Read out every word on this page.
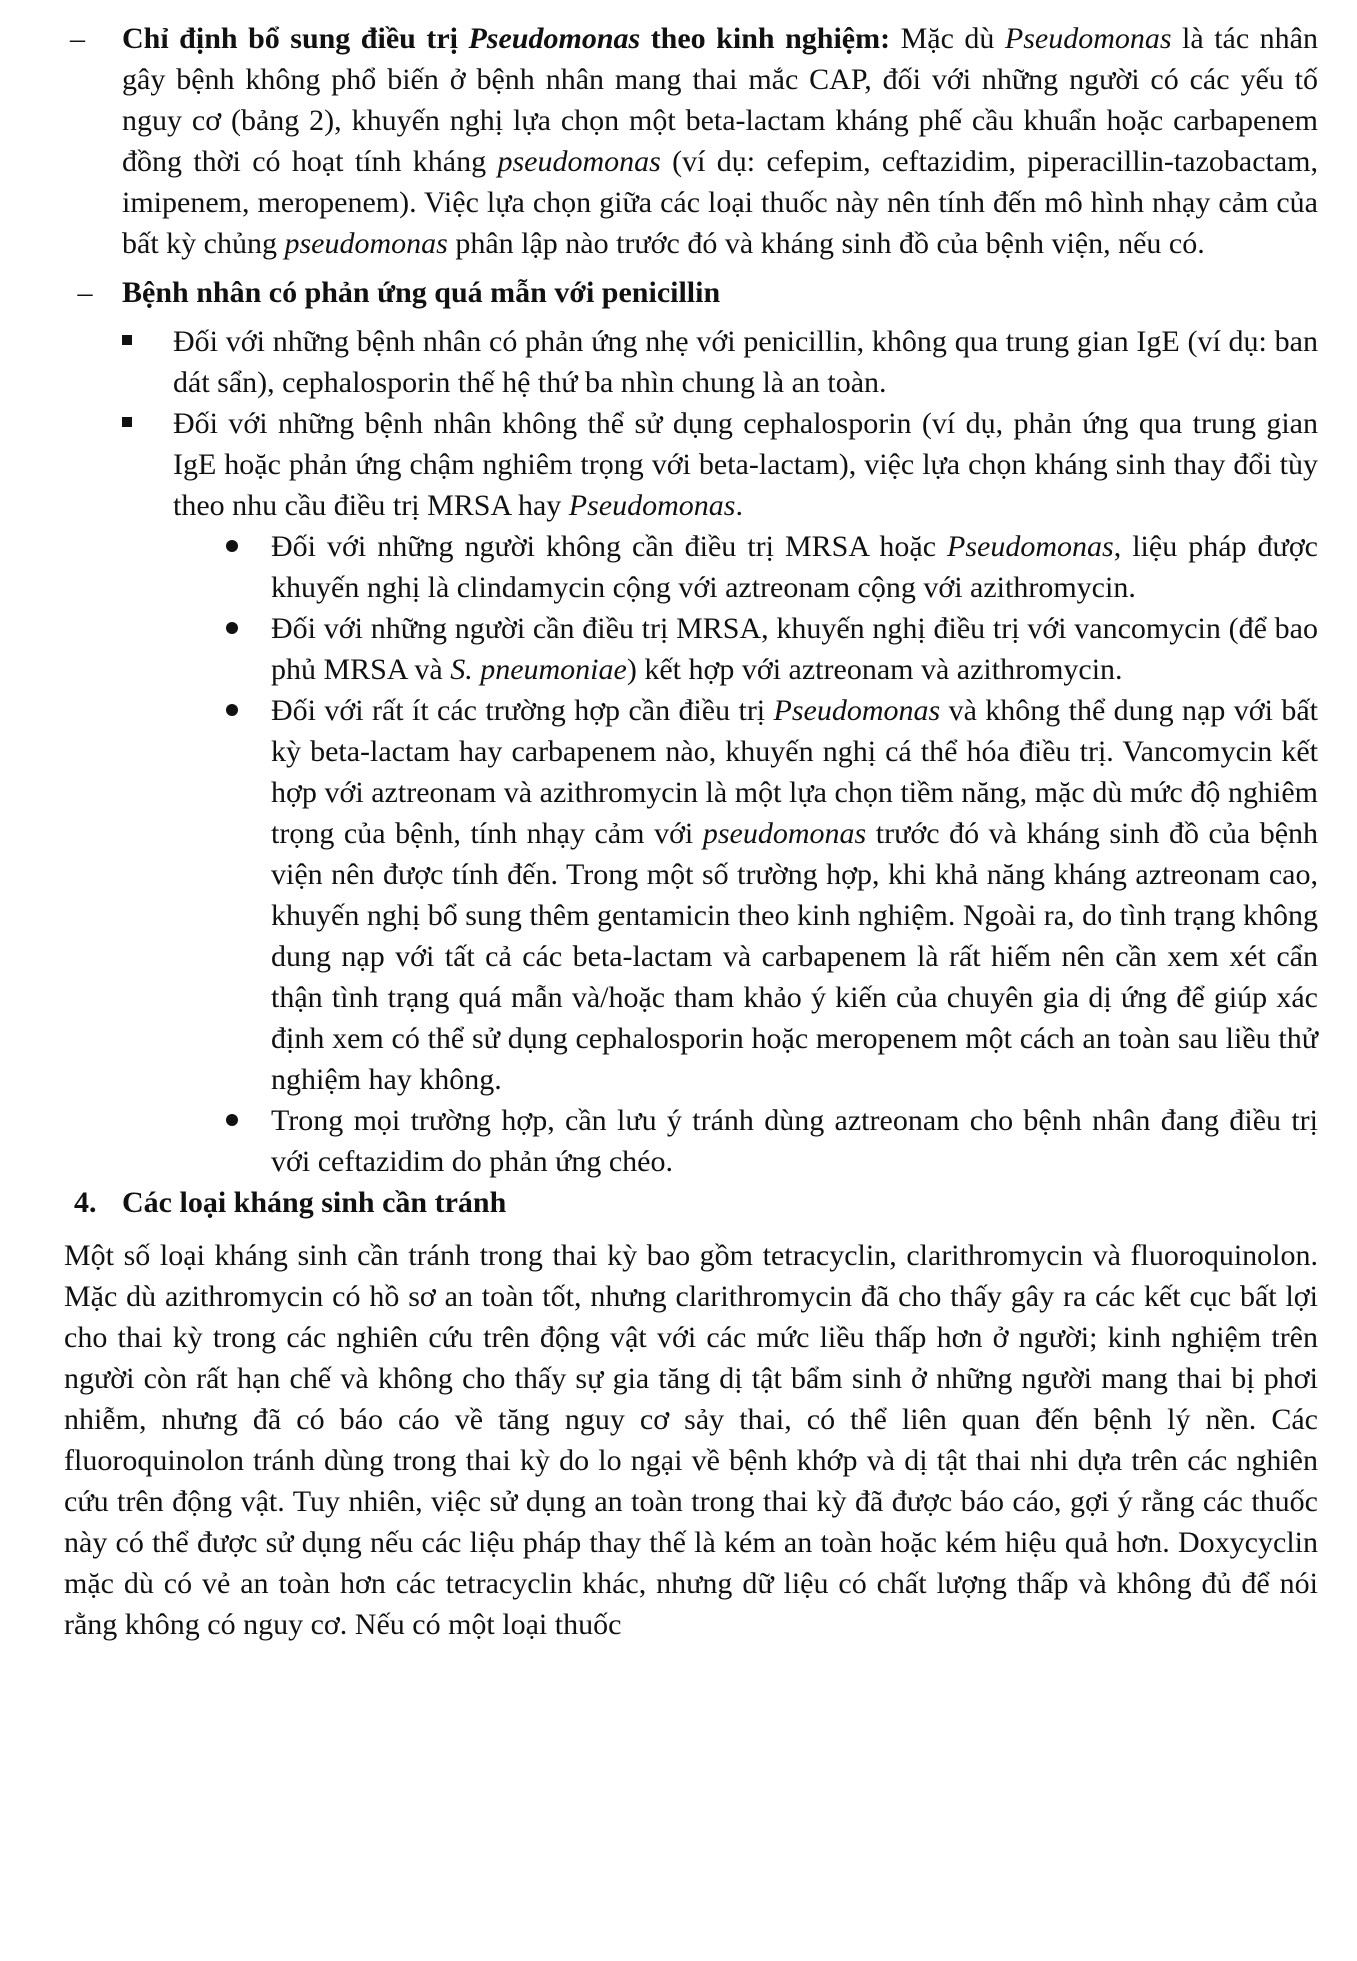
–	Chỉ định bổ sung điều trị Pseudomonas theo kinh nghiệm: Mặc dù Pseudomonas là tác nhân gây bệnh không phổ biến ở bệnh nhân mang thai mắc CAP, đối với những người có các yếu tố nguy cơ (bảng 2), khuyến nghị lựa chọn một beta-lactam kháng phế cầu khuẩn hoặc carbapenem đồng thời có hoạt tính kháng pseudomonas (ví dụ: cefepim, ceftazidim, piperacillin-tazobactam, imipenem, meropenem). Việc lựa chọn giữa các loại thuốc này nên tính đến mô hình nhạy cảm của bất kỳ chủng pseudomonas phân lập nào trước đó và kháng sinh đồ của bệnh viện, nếu có.
– Bệnh nhân có phản ứng quá mẫn với penicillin
Đối với những bệnh nhân có phản ứng nhẹ với penicillin, không qua trung gian IgE (ví dụ: ban dát sẩn), cephalosporin thế hệ thứ ba nhìn chung là an toàn.
Đối với những bệnh nhân không thể sử dụng cephalosporin (ví dụ, phản ứng qua trung gian IgE hoặc phản ứng chậm nghiêm trọng với beta-lactam), việc lựa chọn kháng sinh thay đổi tùy theo nhu cầu điều trị MRSA hay Pseudomonas.
Đối với những người không cần điều trị MRSA hoặc Pseudomonas, liệu pháp được khuyến nghị là clindamycin cộng với aztreonam cộng với azithromycin.
Đối với những người cần điều trị MRSA, khuyến nghị điều trị với vancomycin (để bao phủ MRSA và S. pneumoniae) kết hợp với aztreonam và azithromycin.
Đối với rất ít các trường hợp cần điều trị Pseudomonas và không thể dung nạp với bất kỳ beta-lactam hay carbapenem nào, khuyến nghị cá thể hóa điều trị. Vancomycin kết hợp với aztreonam và azithromycin là một lựa chọn tiềm năng, mặc dù mức độ nghiêm trọng của bệnh, tính nhạy cảm với pseudomonas trước đó và kháng sinh đồ của bệnh viện nên được tính đến. Trong một số trường hợp, khi khả năng kháng aztreonam cao, khuyến nghị bổ sung thêm gentamicin theo kinh nghiệm. Ngoài ra, do tình trạng không dung nạp với tất cả các beta-lactam và carbapenem là rất hiếm nên cần xem xét cẩn thận tình trạng quá mẫn và/hoặc tham khảo ý kiến của chuyên gia dị ứng để giúp xác định xem có thể sử dụng cephalosporin hoặc meropenem một cách an toàn sau liều thử nghiệm hay không.
Trong mọi trường hợp, cần lưu ý tránh dùng aztreonam cho bệnh nhân đang điều trị với ceftazidim do phản ứng chéo.
4. Các loại kháng sinh cần tránh
Một số loại kháng sinh cần tránh trong thai kỳ bao gồm tetracyclin, clarithromycin và fluoroquinolon. Mặc dù azithromycin có hồ sơ an toàn tốt, nhưng clarithromycin đã cho thấy gây ra các kết cục bất lợi cho thai kỳ trong các nghiên cứu trên động vật với các mức liều thấp hơn ở người; kinh nghiệm trên người còn rất hạn chế và không cho thấy sự gia tăng dị tật bẩm sinh ở những người mang thai bị phơi nhiễm, nhưng đã có báo cáo về tăng nguy cơ sảy thai, có thể liên quan đến bệnh lý nền. Các fluoroquinolon tránh dùng trong thai kỳ do lo ngại về bệnh khớp và dị tật thai nhi dựa trên các nghiên cứu trên động vật. Tuy nhiên, việc sử dụng an toàn trong thai kỳ đã được báo cáo, gợi ý rằng các thuốc này có thể được sử dụng nếu các liệu pháp thay thế là kém an toàn hoặc kém hiệu quả hơn. Doxycyclin mặc dù có vẻ an toàn hơn các tetracyclin khác, nhưng dữ liệu có chất lượng thấp và không đủ để nói rằng không có nguy cơ. Nếu có một loại thuốc
